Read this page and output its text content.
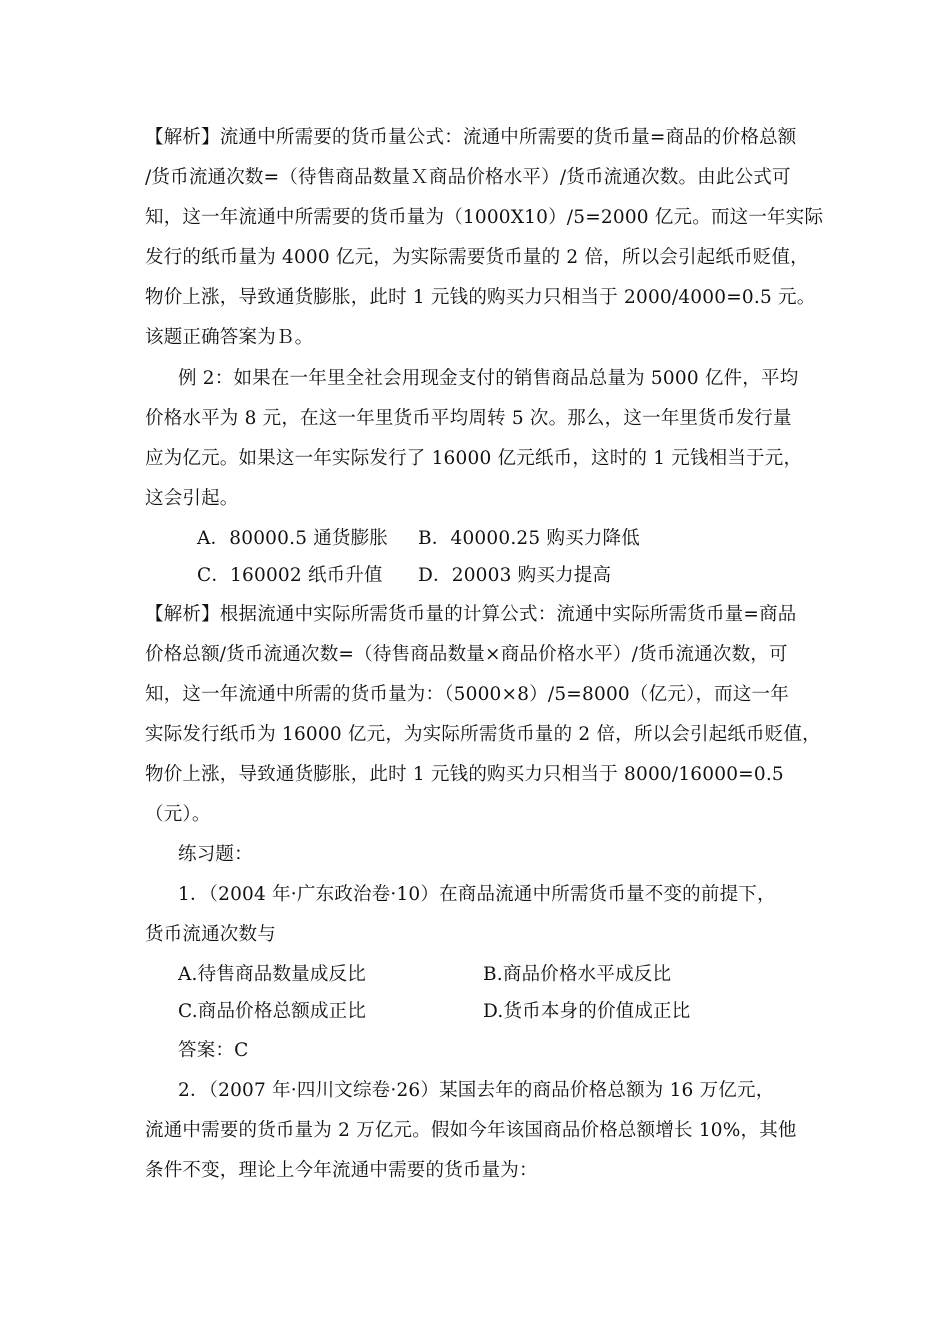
【解析】流通中所需要的货币量公式：流通中所需要的货币量=商品的价格总额
/货币流通次数=（待售商品数量Ｘ商品价格水平）/货币流通次数。由此公式可
知，这一年流通中所需要的货币量为（1000X10）/5=2000 亿元。而这一年实际
发行的纸币量为 4000 亿元，为实际需要货币量的 2 倍，所以会引起纸币贬值，
物价上涨，导致通货膨胀，此时 1 元钱的购买力只相当于 2000/4000=0.5 元。
该题正确答案为Ｂ。
例 2：如果在一年里全社会用现金支付的销售商品总量为 5000 亿件，平均
价格水平为 8 元，在这一年里货币平均周转 5 次。那么，这一年里货币发行量
应为亿元。如果这一年实际发行了 16000 亿元纸币，这时的 1 元钱相当于元，
这会引起。
A．80000.5 通货膨胀 B．40000.25 购买力降低
C．160002 纸币升值 D．20003 购买力提高
【解析】根据流通中实际所需货币量的计算公式：流通中实际所需货币量=商品
价格总额/货币流通次数=（待售商品数量×商品价格水平）/货币流通次数，可
知，这一年流通中所需的货币量为：（5000×8）/5=8000（亿元），而这一年
实际发行纸币为 16000 亿元，为实际所需货币量的 2 倍，所以会引起纸币贬值，
物价上涨，导致通货膨胀，此时 1 元钱的购买力只相当于 8000/16000=0.5
（元）。
练习题：
1．（2004 年·广东政治卷·10）在商品流通中所需货币量不变的前提下，
货币流通次数与
A.待售商品数量成反比	B.商品价格水平成反比
C.商品价格总额成正比	D.货币本身的价值成正比
答案：C
2．（2007 年·四川文综卷·26）某国去年的商品价格总额为 16 万亿元，
流通中需要的货币量为 2 万亿元。假如今年该国商品价格总额增长 10%，其他
条件不变，理论上今年流通中需要的货币量为：
